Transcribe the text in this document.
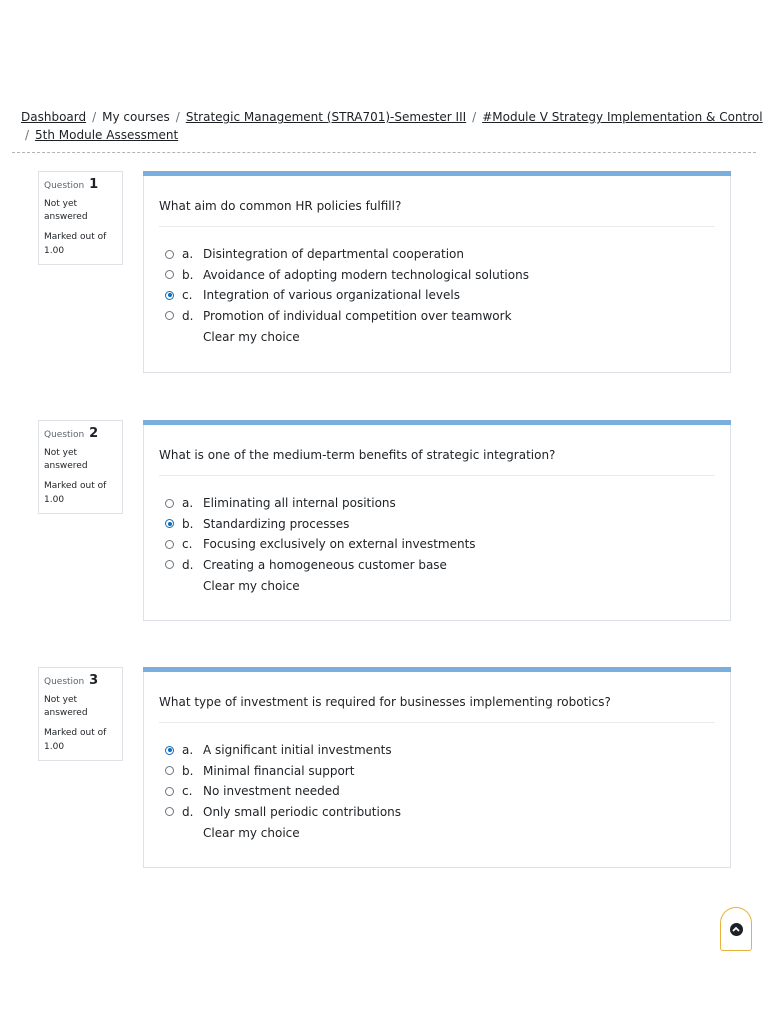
Dashboard / My courses / Strategic Management (STRA701)-Semester III / #Module V Strategy Implementation & Control
/ 5th Module Assessment
Question 1
Not yet answered
Marked out of
1.00
What aim do common HR policies fulfill?
a. Disintegration of departmental cooperation
b. Avoidance of adopting modern technological solutions
c. Integration of various organizational levels
d. Promotion of individual competition over teamwork
Clear my choice
Question 2
Not yet answered
Marked out of
1.00
What is one of the medium-term benefits of strategic integration?
a. Eliminating all internal positions
b. Standardizing processes
c. Focusing exclusively on external investments
d. Creating a homogeneous customer base
Clear my choice
Question 3
Not yet answered
Marked out of
1.00
What type of investment is required for businesses implementing robotics?
a. A significant initial investments
b. Minimal financial support
c. No investment needed
d. Only small periodic contributions
Clear my choice
